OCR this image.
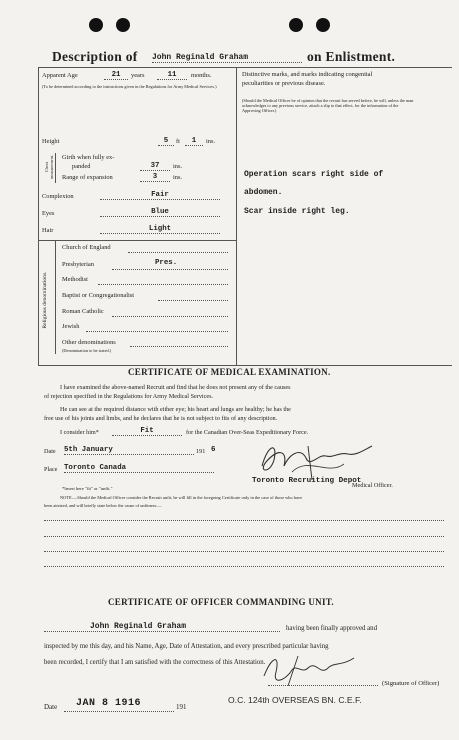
Description of John Reginald Graham	on Enlistment.
Apparent Age	21	years	11	months.
(To be determined according to the instructions given in the Regulations for Army Medical Services.)
Distinctive marks, and marks indicating congenital
peculiarities or previous disease.
(Should the Medical Officer be of opinion that the recruit has served before, he will, unless the man acknowledges to any previous service, attach a slip to that effect, for the information of the Approving Officer.)
Operation scars right side of
abdomen.
Scar inside right leg.
Height	5	ft	1	ins.
Chest measurement. Girth when fully ex-
panded	37	ins.
Range of expansion	3	ins.
Complexion	Fair
Eyes	Blue
Hair	Light
Religious denominations.
Church of England
Presbyterian	Pres.
Methodist
Baptist or Congregationalist
Roman Catholic
Jewish
Other denominations
(Denomination to be stated.)
CERTIFICATE OF MEDICAL EXAMINATION.
I have examined the above-named Recruit and find that he does not present any of the causes
of rejection specified in the Regulations for Army Medical Services.
He can see at the required distance with either eye; his heart and lungs are healthy; he has the
free use of his joints and limbs, and he declares that he is not subject to fits of any description.
I consider him*	Fit	for the Canadian Over-Seas Expeditionary Force.
Date 5th January	191 6
Place Toronto Canada
Toronto Recruiting Depot
Medical Officer.
*Insert here "fit" or "unfit."
NOTE.—Should the Medical Officer consider the Recruit unfit, he will fill in the foregoing Certificate only in the case of those who have
been attested, and will briefly state below the cause of unfitness:—
CERTIFICATE OF OFFICER COMMANDING UNIT.
John Reginald Graham	having been finally approved and
inspected by me this day, and his Name, Age, Date of Attestation, and every prescribed particular having
been recorded, I certify that I am satisfied with the correctness of this Attestation.
(Signature of Officer)
Date JAN 8 1916	191
O.C. 124th OVERSEAS BN. C.E.F.
